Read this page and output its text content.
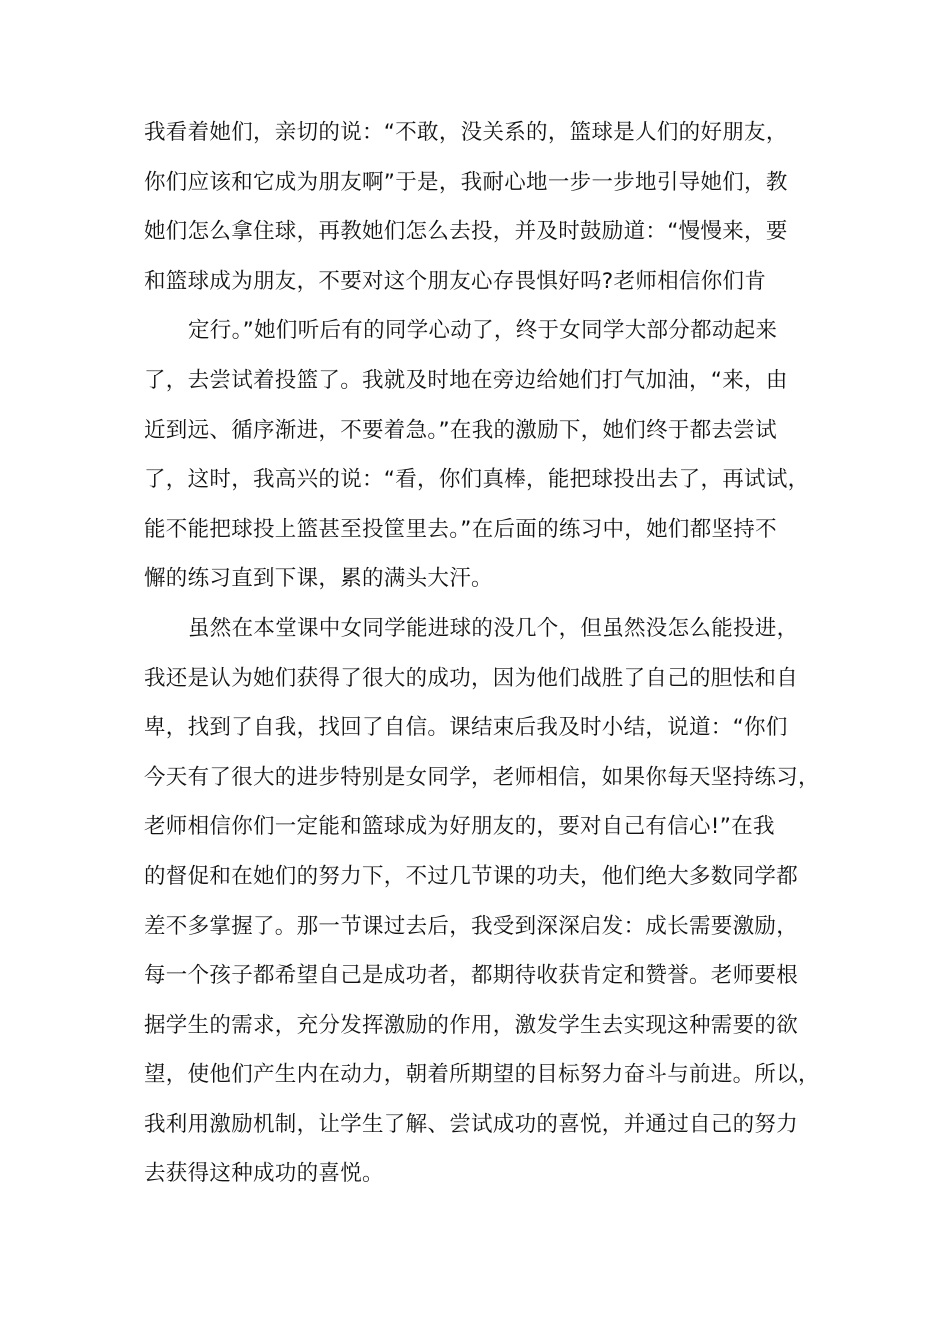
我看着她们，亲切的说：“不敢，没关系的，篮球是人们的好朋友，
你们应该和它成为朋友啊”于是，我耐心地一步一步地引导她们，教
她们怎么拿住球，再教她们怎么去投，并及时鼓励道：“慢慢来，要
和篮球成为朋友，不要对这个朋友心存畏惧好吗?老师相信你们肯
定行。”她们听后有的同学心动了，终于女同学大部分都动起来
了，去尝试着投篮了。我就及时地在旁边给她们打气加油，“来，由
近到远、循序渐进，不要着急。”在我的激励下，她们终于都去尝试
了，这时，我高兴的说：“看，你们真棒，能把球投出去了，再试试，
能不能把球投上篮甚至投筐里去。”在后面的练习中，她们都坚持不
懈的练习直到下课，累的满头大汗。
虽然在本堂课中女同学能进球的没几个，但虽然没怎么能投进，
我还是认为她们获得了很大的成功，因为他们战胜了自己的胆怯和自
卑，找到了自我，找回了自信。课结束后我及时小结，说道：“你们
今天有了很大的进步特别是女同学，老师相信，如果你每天坚持练习，
老师相信你们一定能和篮球成为好朋友的，要对自己有信心!”在我
的督促和在她们的努力下，不过几节课的功夫，他们绝大多数同学都
差不多掌握了。那一节课过去后，我受到深深启发：成长需要激励，
每一个孩子都希望自己是成功者，都期待收获肯定和赞誉。老师要根
据学生的需求，充分发挥激励的作用，激发学生去实现这种需要的欲
望，使他们产生内在动力，朝着所期望的目标努力奋斗与前进。所以，
我利用激励机制，让学生了解、尝试成功的喜悦，并通过自己的努力
去获得这种成功的喜悦。
